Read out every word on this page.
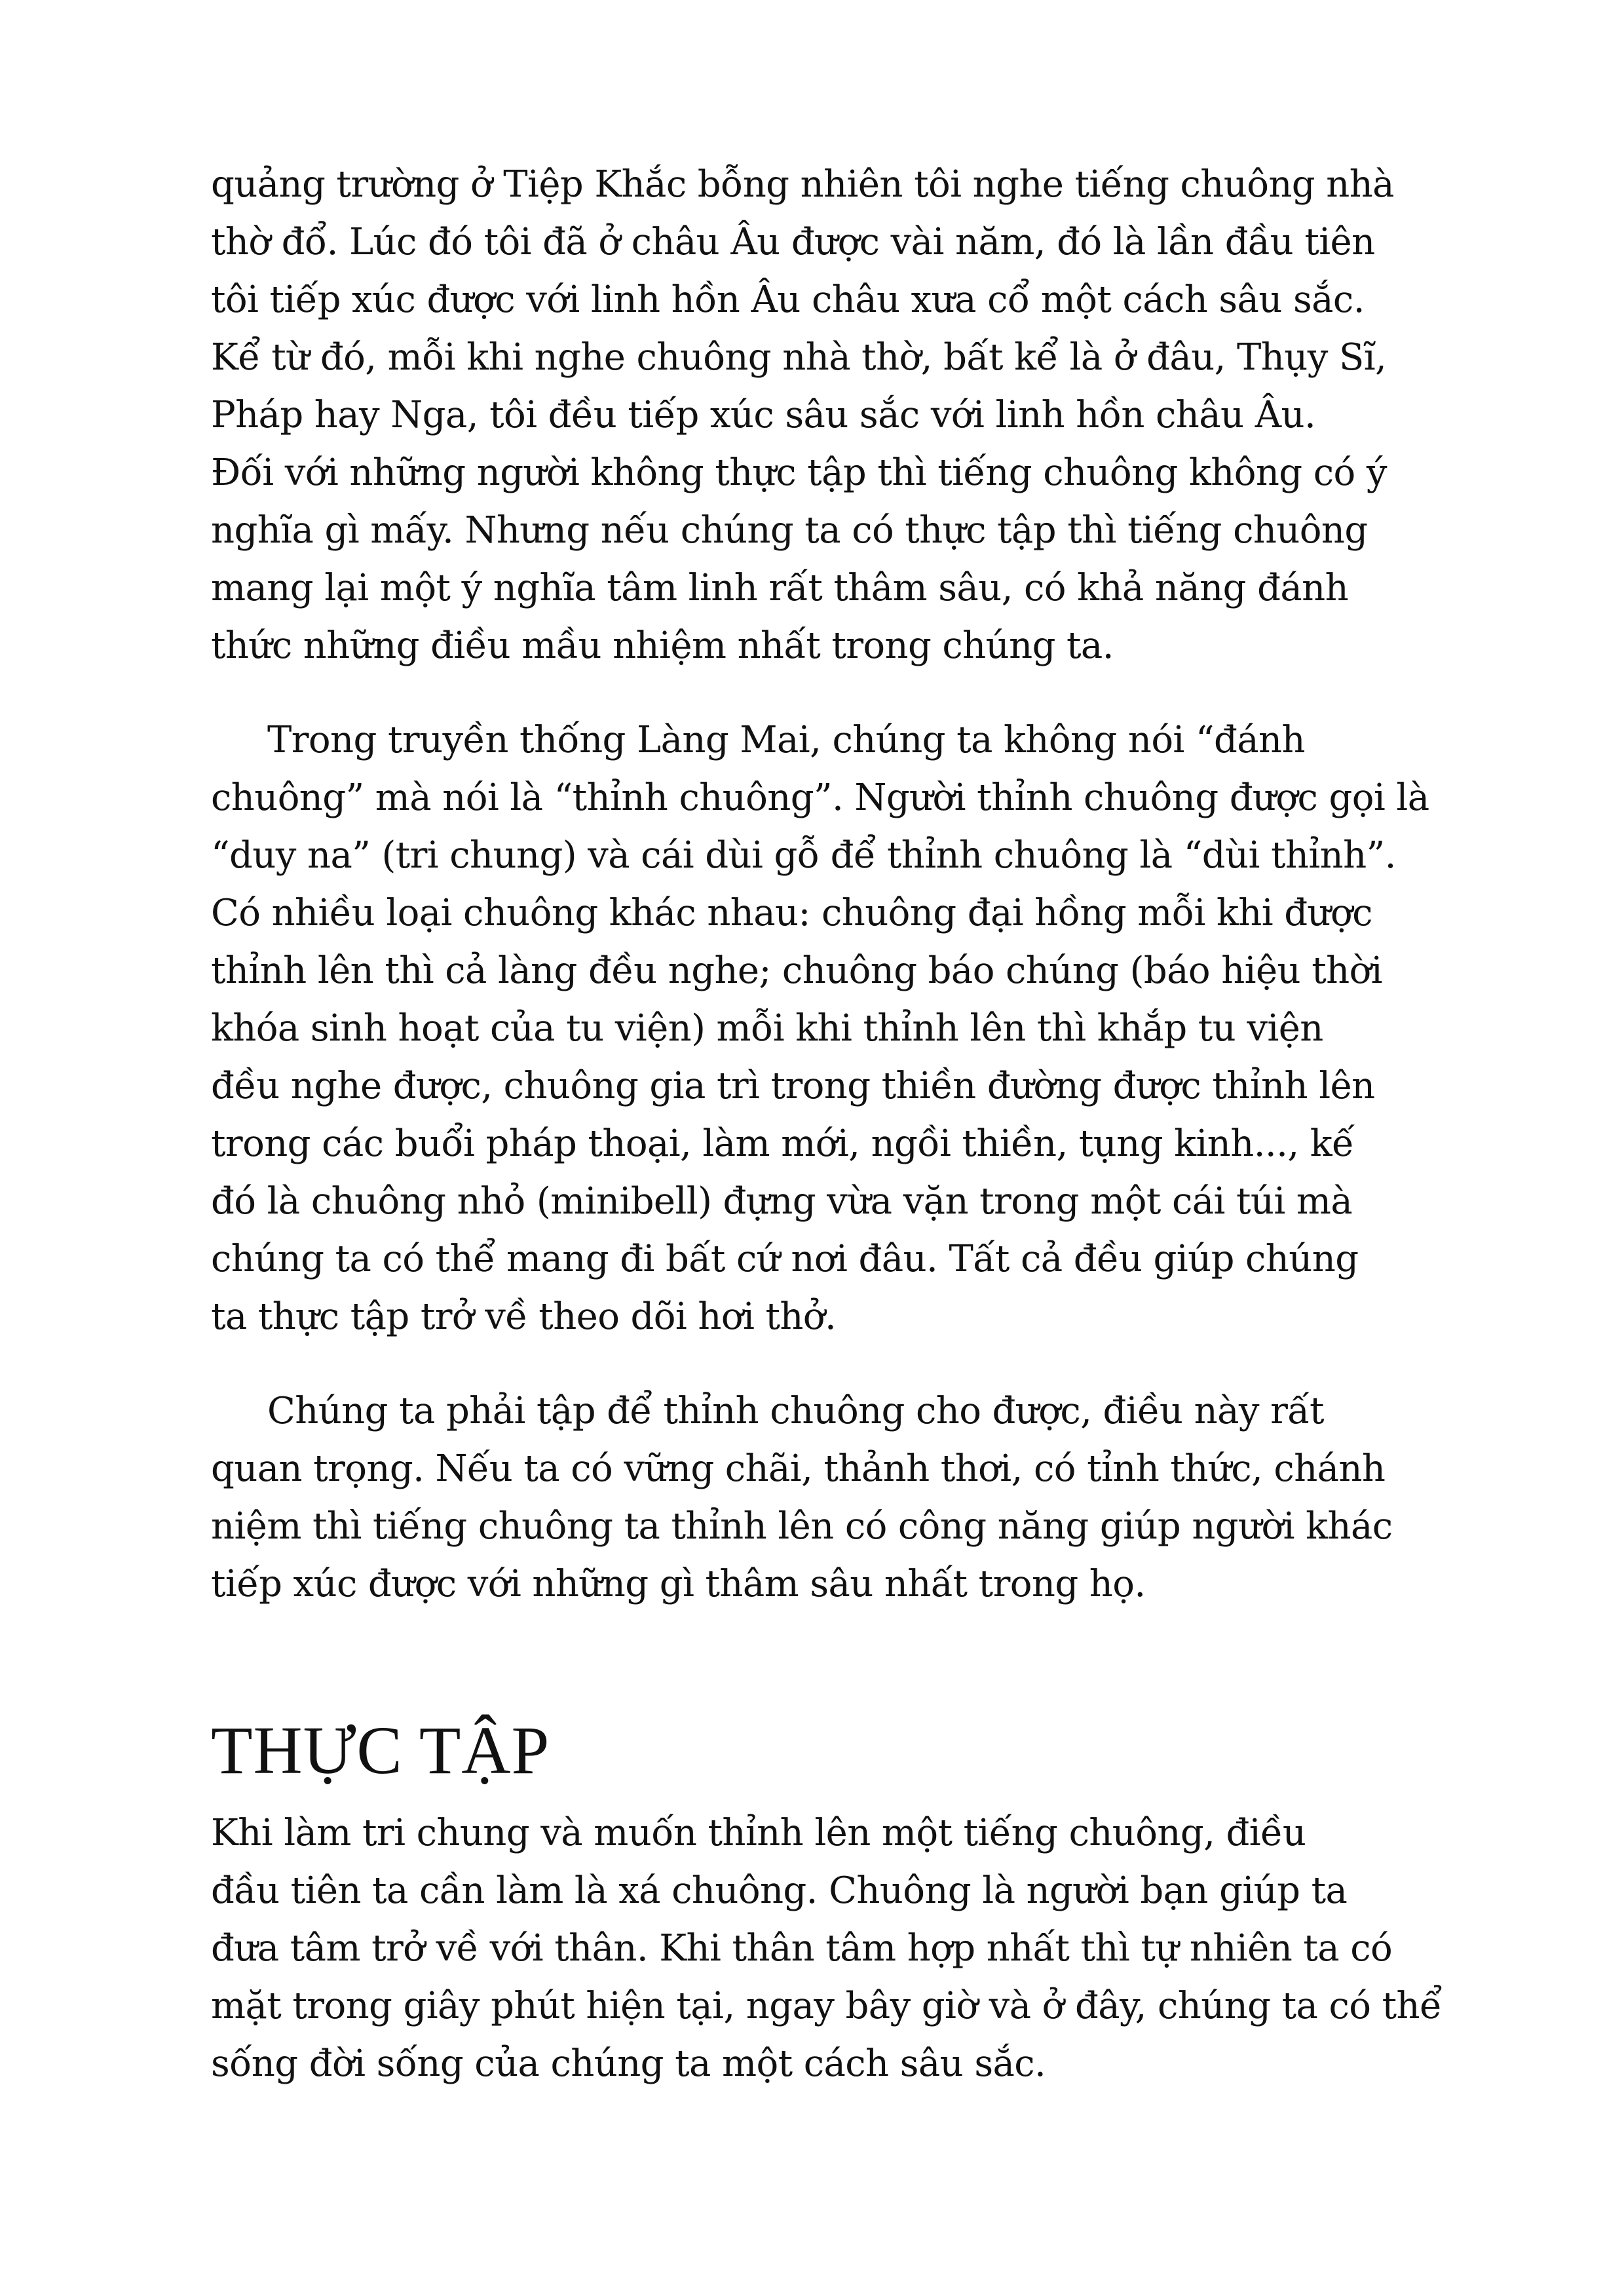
quảng trường ở Tiệp Khắc bỗng nhiên tôi nghe tiếng chuông nhà
thờ đổ. Lúc đó tôi đã ở châu Âu được vài năm, đó là lần đầu tiên
tôi tiếp xúc được với linh hồn Âu châu xưa cổ một cách sâu sắc.
Kể từ đó, mỗi khi nghe chuông nhà thờ, bất kể là ở đâu, Thụy Sĩ,
Pháp hay Nga, tôi đều tiếp xúc sâu sắc với linh hồn châu Âu.
Đối với những người không thực tập thì tiếng chuông không có ý
nghĩa gì mấy. Nhưng nếu chúng ta có thực tập thì tiếng chuông
mang lại một ý nghĩa tâm linh rất thâm sâu, có khả năng đánh
thức những điều mầu nhiệm nhất trong chúng ta.

Trong truyền thống Làng Mai, chúng ta không nói “đánh
chuông” mà nói là “thỉnh chuông”. Người thỉnh chuông được gọi là
“duy na” (tri chung) và cái dùi gỗ để thỉnh chuông là “dùi thỉnh”.
Có nhiều loại chuông khác nhau: chuông đại hồng mỗi khi được
thỉnh lên thì cả làng đều nghe; chuông báo chúng (báo hiệu thời
khóa sinh hoạt của tu viện) mỗi khi thỉnh lên thì khắp tu viện
đều nghe được, chuông gia trì trong thiền đường được thỉnh lên
trong các buổi pháp thoại, làm mới, ngồi thiền, tụng kinh..., kế
đó là chuông nhỏ (minibell) đựng vừa vặn trong một cái túi mà
chúng ta có thể mang đi bất cứ nơi đâu. Tất cả đều giúp chúng
ta thực tập trở về theo dõi hơi thở.

Chúng ta phải tập để thỉnh chuông cho được, điều này rất
quan trọng. Nếu ta có vững chãi, thảnh thơi, có tỉnh thức, chánh
niệm thì tiếng chuông ta thỉnh lên có công năng giúp người khác
tiếp xúc được với những gì thâm sâu nhất trong họ.

THỰC TẬP

Khi làm tri chung và muốn thỉnh lên một tiếng chuông, điều
đầu tiên ta cần làm là xá chuông. Chuông là người bạn giúp ta
đưa tâm trở về với thân. Khi thân tâm hợp nhất thì tự nhiên ta có
mặt trong giây phút hiện tại, ngay bây giờ và ở đây, chúng ta có thể
sống đời sống của chúng ta một cách sâu sắc.
